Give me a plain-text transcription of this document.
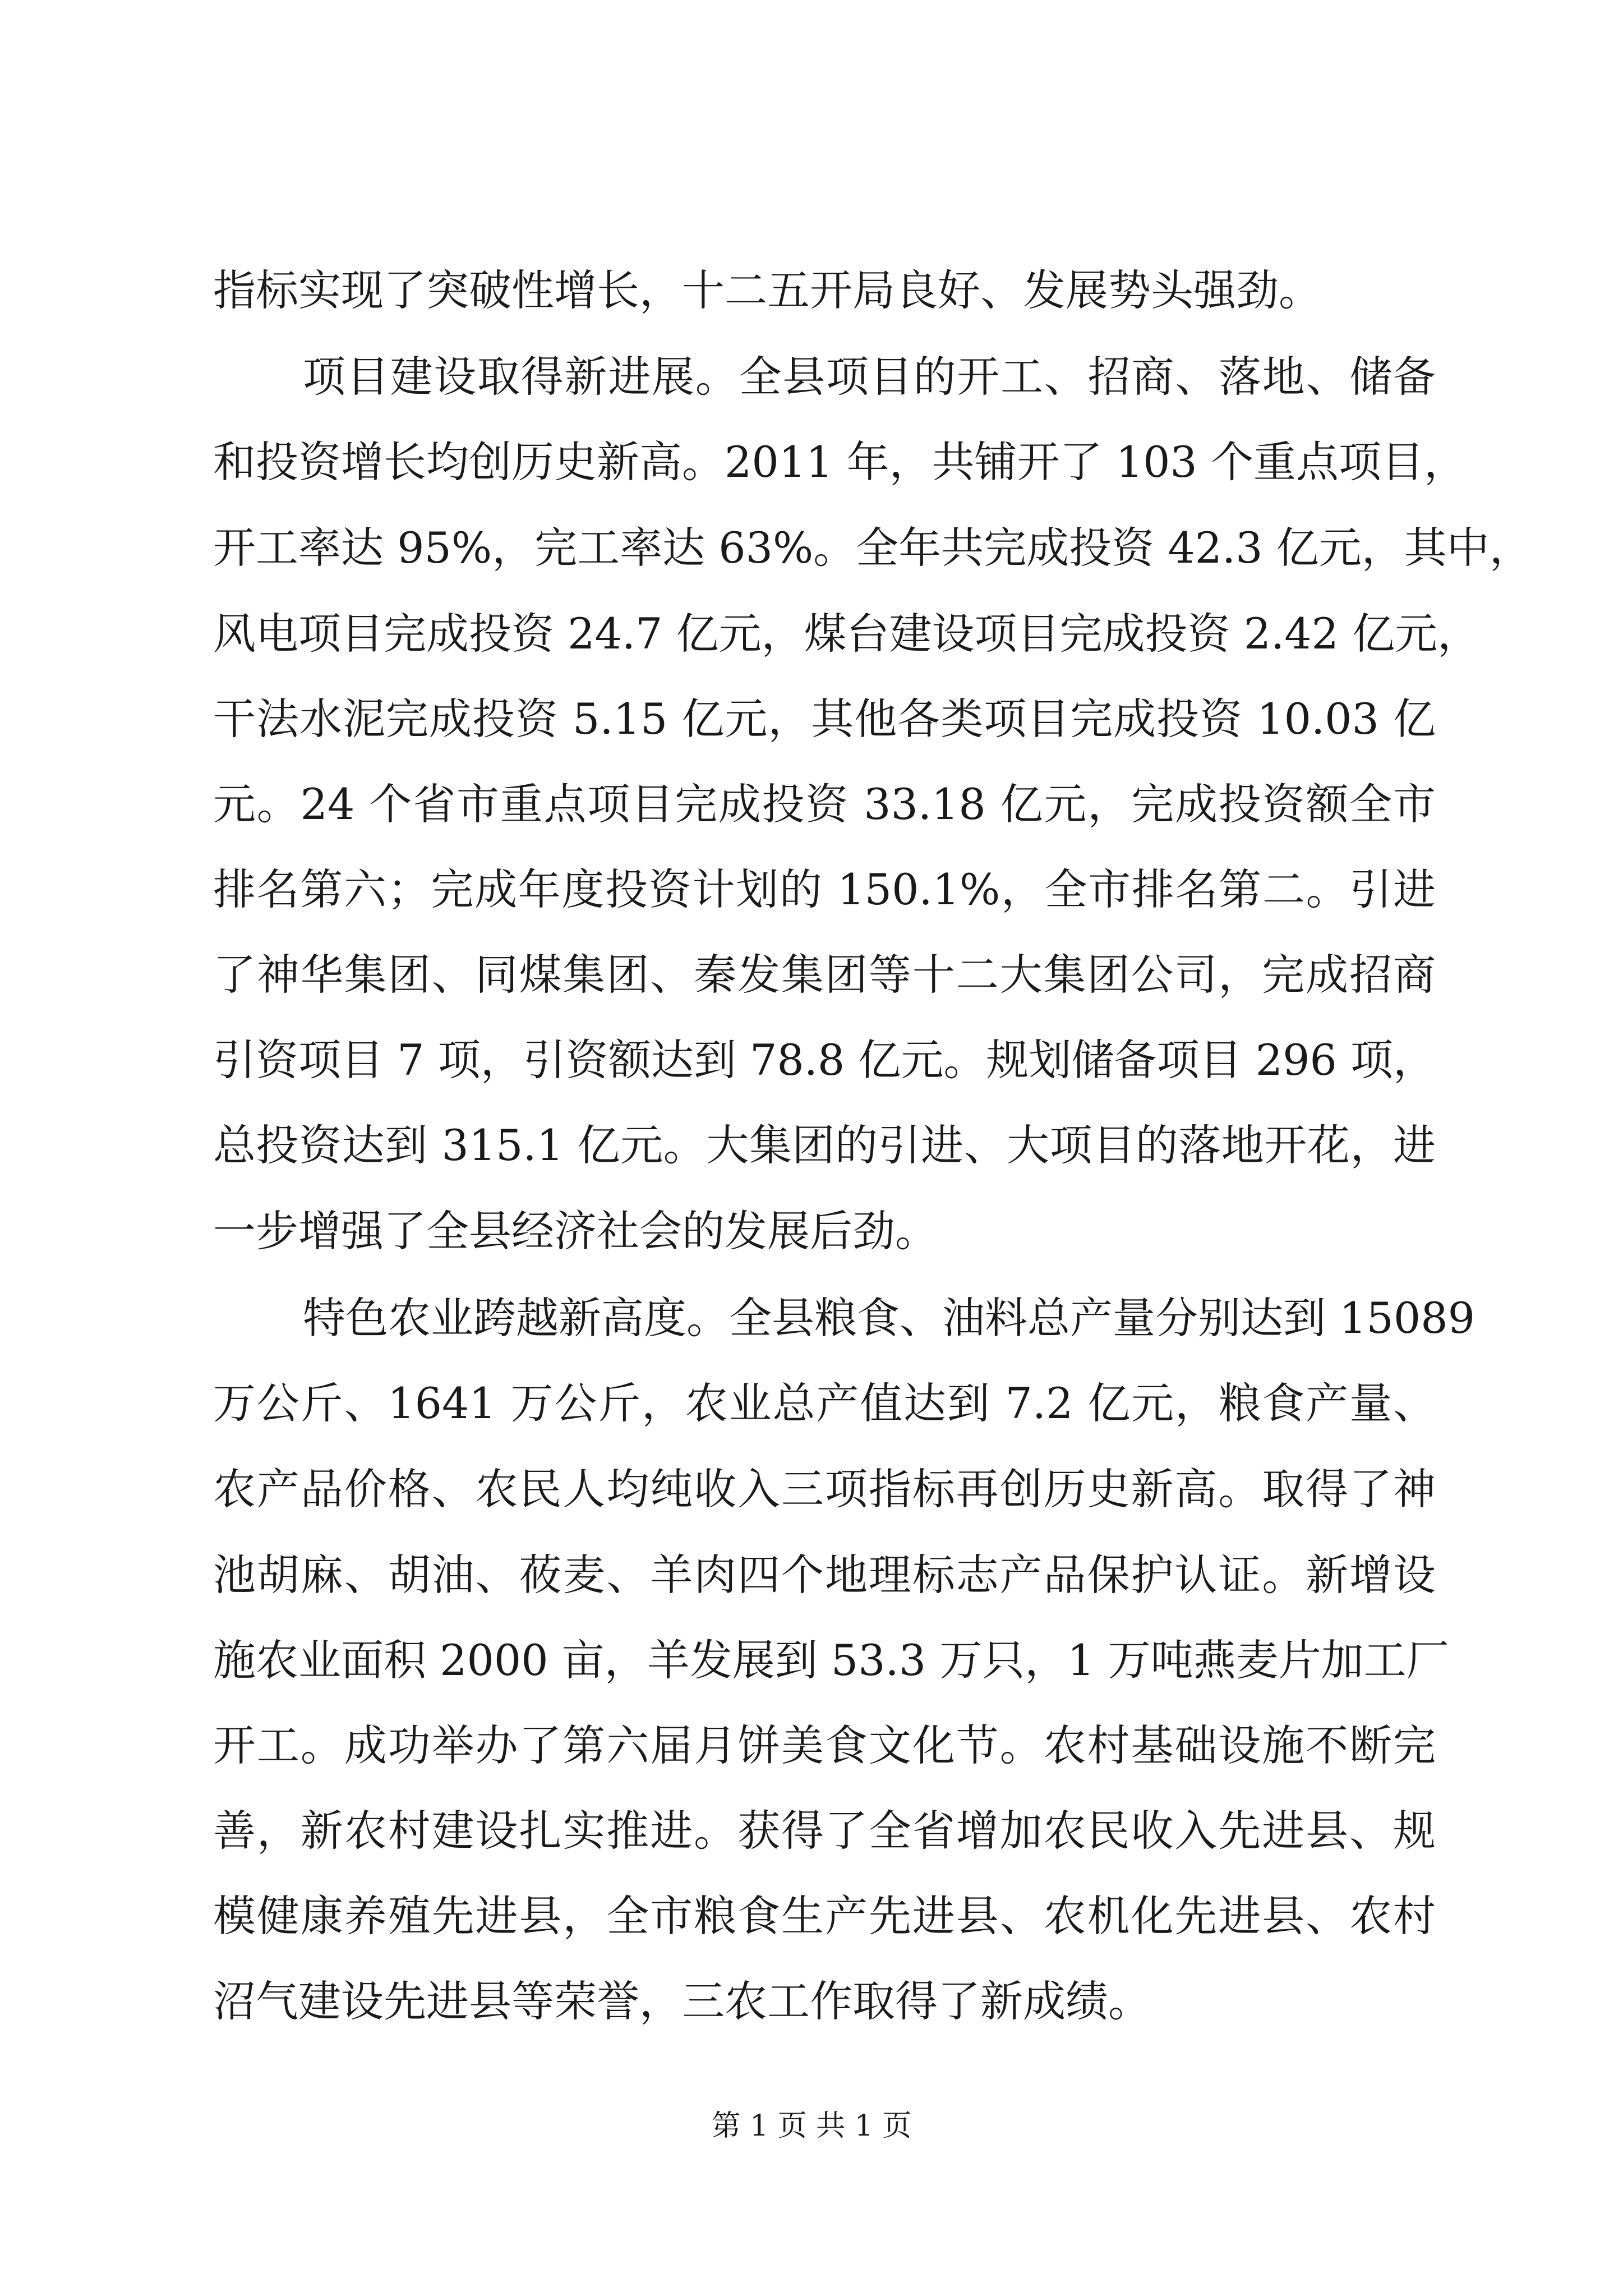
指标实现了突破性增长，十二五开局良好、发展势头强劲。
项目建设取得新进展。全县项目的开工、招商、落地、储备
和投资增长均创历史新高。2011 年，共铺开了 103 个重点项目，
开工率达 95%，完工率达 63%。全年共完成投资 42.3 亿元，其中，
风电项目完成投资 24.7 亿元，煤台建设项目完成投资 2.42 亿元，
干法水泥完成投资 5.15 亿元，其他各类项目完成投资 10.03 亿
元。24 个省市重点项目完成投资 33.18 亿元，完成投资额全市
排名第六；完成年度投资计划的 150.1%，全市排名第二。引进
了神华集团、同煤集团、秦发集团等十二大集团公司，完成招商
引资项目 7 项，引资额达到 78.8 亿元。规划储备项目 296 项，
总投资达到 315.1 亿元。大集团的引进、大项目的落地开花，进
一步增强了全县经济社会的发展后劲。
特色农业跨越新高度。全县粮食、油料总产量分别达到 15089
万公斤、1641 万公斤，农业总产值达到 7.2 亿元，粮食产量、
农产品价格、农民人均纯收入三项指标再创历史新高。取得了神
池胡麻、胡油、莜麦、羊肉四个地理标志产品保护认证。新增设
施农业面积 2000 亩，羊发展到 53.3 万只，1 万吨燕麦片加工厂
开工。成功举办了第六届月饼美食文化节。农村基础设施不断完
善，新农村建设扎实推进。获得了全省增加农民收入先进县、规
模健康养殖先进县，全市粮食生产先进县、农机化先进县、农村
沼气建设先进县等荣誉，三农工作取得了新成绩。
第 1 页 共 1 页
